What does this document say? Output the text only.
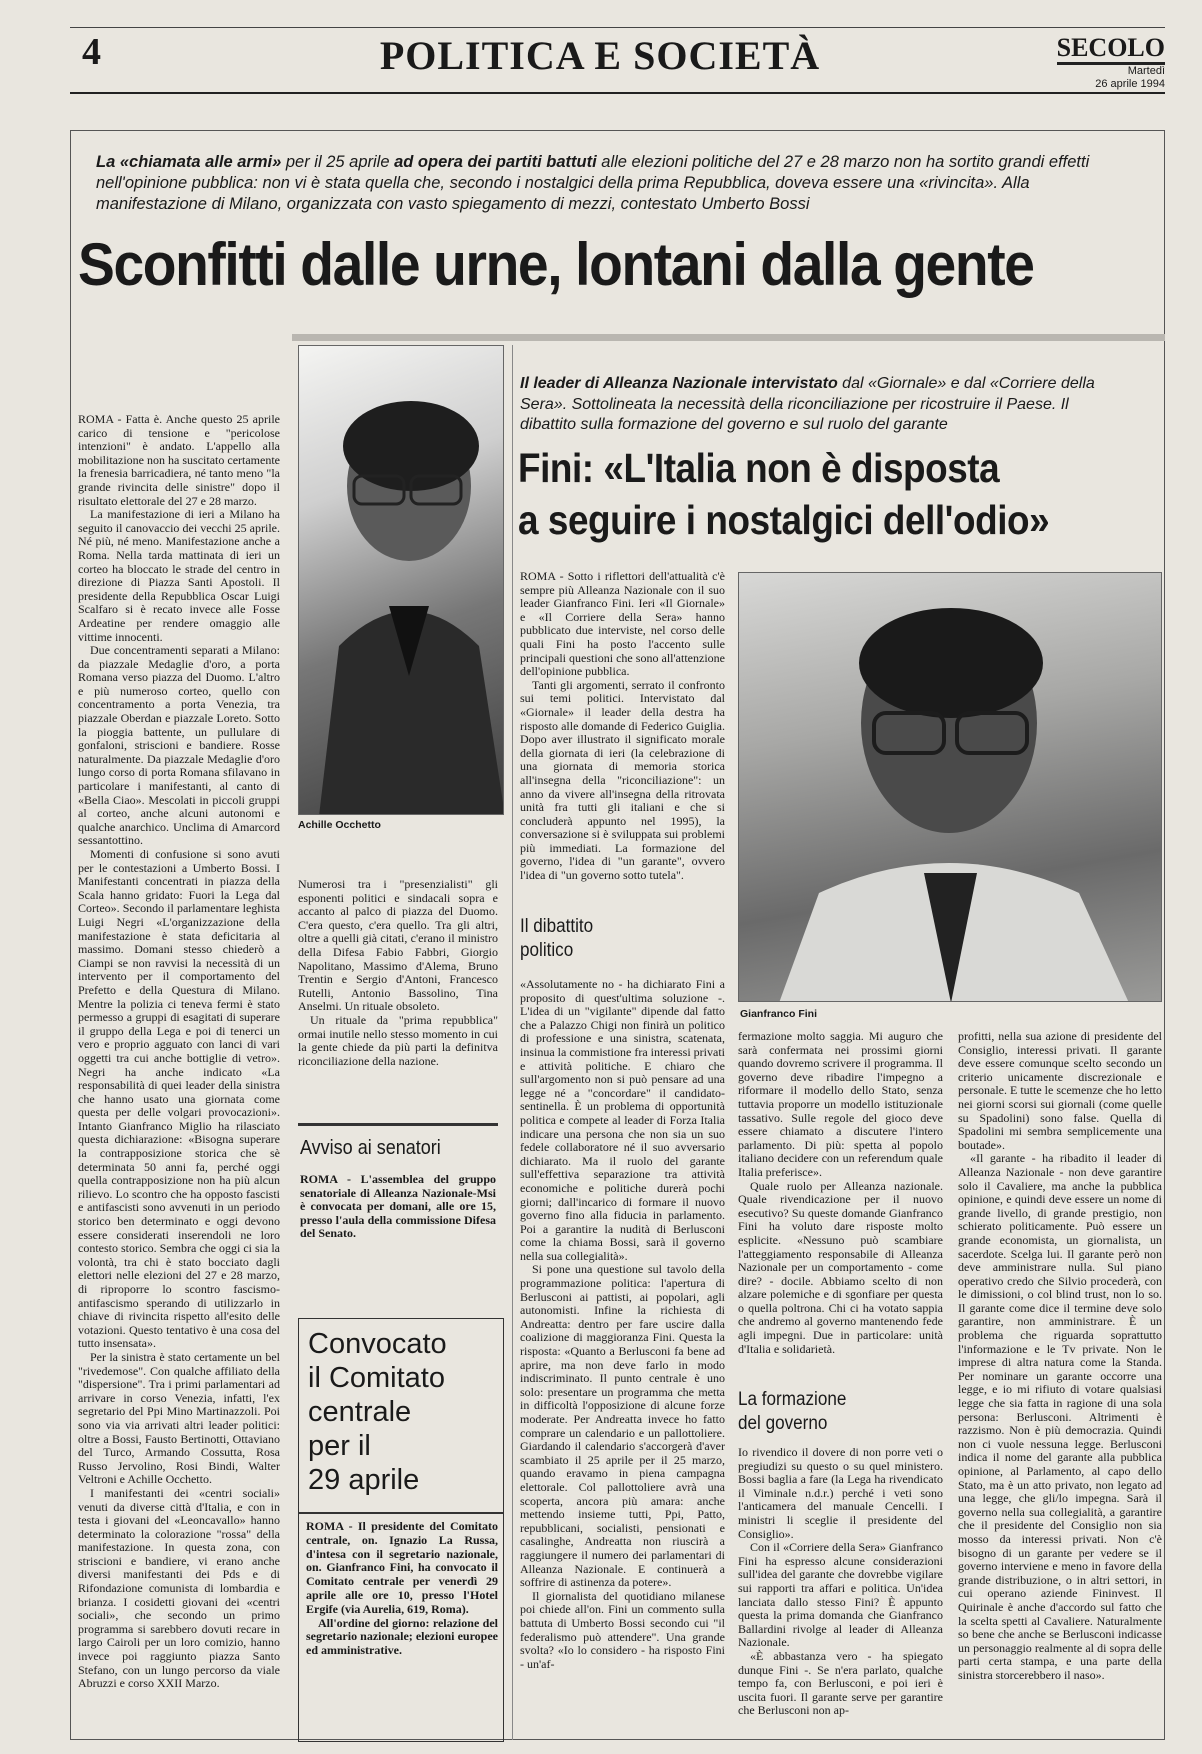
4	POLITICA E SOCIETÀ	SECOLO
Martedì
26 aprile 1994
La «chiamata alle armi» per il 25 aprile ad opera dei partiti battuti alle elezioni politiche del 27 e 28 marzo non ha sortito grandi effetti nell'opinione pubblica: non vi è stata quella che, secondo i nostalgici della prima Repubblica, doveva essere una «rivincita». Alla manifestazione di Milano, organizzata con vasto spiegamento di mezzi, contestato Umberto Bossi
Sconfitti dalle urne, lontani dalla gente

ROMA - Fatta è. Anche questo 25 aprile carico di tensione e "pericolose intenzioni" è andato. L'appello alla mobilitazione non ha suscitato certamente la frenesia barricadiera, né tanto meno "la grande rivincita delle sinistre" dopo il risultato elettorale del 27 e 28 marzo.

La manifestazione di ieri a Milano ha seguito il canovaccio dei vecchi 25 aprile. Né più, né meno. Manifestazione anche a Roma. Nella tarda mattinata di ieri un corteo ha bloccato le strade del centro in direzione di Piazza Santi Apostoli. Il presidente della Repubblica Oscar Luigi Scalfaro si è recato invece alle Fosse Ardeatine per rendere omaggio alle vittime innocenti.

Due concentramenti separati a Milano: da piazzale Medaglie d'oro, a porta Romana verso piazza del Duomo. L'altro e più numeroso corteo, quello con concentramento a porta Venezia, tra piazzale Oberdan e piazzale Loreto. Sotto la pioggia battente, un pullulare di gonfaloni, striscioni e bandiere. Rosse naturalmente. Da piazzale Medaglie d'oro lungo corso di porta Romana sfilavano in particolare i manifestanti, al canto di «Bella Ciao». Mescolati in piccoli gruppi al corteo, anche alcuni autonomi e qualche anarchico. Unclima di Amarcord sessantottino.

Momenti di confusione si sono avuti per le contestazioni a Umberto Bossi. I Manifestanti concentrati in piazza della Scala hanno gridato: Fuori la Lega dal Corteo». Secondo il parlamentare leghista Luigi Negri «L'organizzazione della manifestazione è stata deficitaria al massimo. Domani stesso chiederò a Ciampi se non ravvisi la necessità di un intervento per il comportamento del Prefetto e della Questura di Milano. Mentre la polizia ci teneva fermi è stato permesso a gruppi di esagitati di superare il gruppo della Lega e poi di tenerci un vero e proprio agguato con lanci di vari oggetti tra cui anche bottiglie di vetro». Negri ha anche indicato «La responsabilità di quei leader della sinistra che hanno usato una giornata come questa per delle volgari provocazioni». Intanto Gianfranco Miglio ha rilasciato questa dichiarazione: «Bisogna superare la contrapposizione storica che sè determinata 50 anni fa, perché oggi quella contrapposizione non ha più alcun rilievo. Lo scontro che ha opposto fascisti e antifascisti sono avvenuti in un periodo storico ben determinato e oggi devono essere considerati inserendoli ne loro contesto storico. Sembra che oggi ci sia la volontà, tra chi è stato bocciato dagli elettori nelle elezioni del 27 e 28 marzo, di riproporre lo scontro fascismo-antifascismo sperando di utilizzarlo in chiave di rivincita rispetto all'esito delle votazioni. Questo tentativo è una cosa del tutto insensata».

Per la sinistra è stato certamente un bel "rivedemose". Con qualche affiliato della "dispersione". Tra i primi parlamentari ad arrivare in corso Venezia, infatti, l'ex segretario del Ppi Mino Martinazzoli. Poi sono via via arrivati altri leader politici: oltre a Bossi, Fausto Bertinotti, Ottaviano del Turco, Armando Cossutta, Rosa Russo Jervolino, Rosi Bindi, Walter Veltroni e Achille Occhetto.

I manifestanti dei «centri sociali» venuti da diverse città d'Italia, e con in testa i giovani del «Leoncavallo» hanno determinato la colorazione "rossa" della manifestazione. In questa zona, con striscioni e bandiere, vi erano anche diversi manifestanti dei Pds e di Rifondazione comunista di lombardia e brianza. I cosidetti giovani dei «centri sociali», che secondo un primo programma si sarebbero dovuti recare in largo Cairoli per un loro comizio, hanno invece poi raggiunto piazza Santo Stefano, con un lungo percorso da viale Abruzzi e corso XXII Marzo.

Achille Occhetto

Numerosi tra i "presenzialisti" gli esponenti politici e sindacali sopra e accanto al palco di piazza del Duomo. C'era questo, c'era quello. Tra gli altri, oltre a quelli già citati, c'erano il ministro della Difesa Fabio Fabbri, Giorgio Napolitano, Massimo d'Alema, Bruno Trentin e Sergio d'Antoni, Francesco Rutelli, Antonio Bassolino, Tina Anselmi. Un rituale obsoleto.

Un rituale da "prima repubblica" ormai inutile nello stesso momento in cui la gente chiede da più parti la definitva riconciliazione della nazione.

Avviso ai senatori

ROMA - L'assemblea del gruppo senatoriale di Alleanza Nazionale-Msi è convocata per domani, alle ore 15, presso l'aula della commissione Difesa del Senato.

Convocato
il Comitato
centrale
per il
29 aprile

ROMA - Il presidente del Comitato centrale, on. Ignazio La Russa, d'intesa con il segretario nazionale, on. Gianfranco Fini, ha convocato il Comitato centrale per venerdì 29 aprile alle ore 10, presso l'Hotel Ergife (via Aurelia, 619, Roma).

All'ordine del giorno: relazione del segretario nazionale; elezioni europee ed amministrative.

Il leader di Alleanza Nazionale intervistato dal «Giornale» e dal «Corriere della Sera». Sottolineata la necessità della riconciliazione per ricostruire il Paese. Il dibattito sulla formazione del governo e sul ruolo del garante
Fini: «L'Italia non è disposta
a seguire i nostalgici dell'odio»

ROMA - Sotto i riflettori dell'attualità c'è sempre più Alleanza Nazionale con il suo leader Gianfranco Fini. Ieri «Il Giornale» e «Il Corriere della Sera» hanno pubblicato due interviste, nel corso delle quali Fini ha posto l'accento sulle principali questioni che sono all'attenzione dell'opinione pubblica.

Tanti gli argomenti, serrato il confronto sui temi politici. Intervistato dal «Giornale» il leader della destra ha risposto alle domande di Federico Guiglia. Dopo aver illustrato il significato morale della giornata di ieri (la celebrazione di una giornata di memoria storica all'insegna della "riconciliazione": un anno da vivere all'insegna della ritrovata unità fra tutti gli italiani e che si concluderà appunto nel 1995), la conversazione si è sviluppata sui problemi più immediati. La formazione del governo, l'idea di "un garante", ovvero l'idea di "un governo sotto tutela".

Il dibattito
politico

«Assolutamente no - ha dichiarato Fini a proposito di quest'ultima soluzione -. L'idea di un "vigilante" dipende dal fatto che a Palazzo Chigi non finirà un politico di professione e una sinistra, scatenata, insinua la commistione fra interessi privati e attività politiche. E chiaro che sull'argomento non si può pensare ad una legge né a "concordare" il candidato-sentinella. È un problema di opportunità politica e compete al leader di Forza Italia indicare una persona che non sia un suo fedele collaboratore né il suo avversario dichiarato. Ma il ruolo del garante sull'effettiva separazione tra attività economiche e politiche durerà pochi giorni; dall'incarico di formare il nuovo governo fino alla fiducia in parlamento. Poi a garantire la nudità di Berlusconi come la chiama Bossi, sarà il governo nella sua collegialità».

Si pone una questione sul tavolo della programmazione politica: l'apertura di Berlusconi ai pattisti, ai popolari, agli autonomisti. Infine la richiesta di Andreatta: dentro per fare uscire dalla coalizione di maggioranza Fini. Questa la risposta: «Quanto a Berlusconi fa bene ad aprire, ma non deve farlo in modo indiscriminato. Il punto centrale è uno solo: presentare un programma che metta in difficoltà l'opposizione di alcune forze moderate. Per Andreatta invece ho fatto comprare un calendario e un pallottoliere. Giardando il calendario s'accorgerà d'aver scambiato il 25 aprile per il 25 marzo, quando eravamo in piena campagna elettorale. Col pallottoliere avrà una scoperta, ancora più amara: anche mettendo insieme tutti, Ppi, Patto, repubblicani, socialisti, pensionati e casalinghe, Andreatta non riuscirà a raggiungere il numero dei parlamentari di Alleanza Nazionale. E continuerà a soffrire di astinenza da potere».

Il giornalista del quotidiano milanese poi chiede all'on. Fini un commento sulla battuta di Umberto Bossi secondo cui "il federalismo può attendere". Una grande svolta? «Io lo considero - ha risposto Fini - un'af-

Gianfranco Fini

fermazione molto saggia. Mi auguro che sarà confermata nei prossimi giorni quando dovremo scrivere il programma. Il governo deve ribadire l'impegno a riformare il modello dello Stato, senza tuttavia proporre un modello istituzionale tassativo. Sulle regole del gioco deve essere chiamato a discutere l'intero parlamento. Di più: spetta al popolo italiano decidere con un referendum quale Italia preferisce».

Quale ruolo per Alleanza nazionale. Quale rivendicazione per il nuovo esecutivo? Su queste domande Gianfranco Fini ha voluto dare risposte molto esplicite. «Nessuno può scambiare l'atteggiamento responsabile di Alleanza Nazionale per un comportamento - come dire? - docile. Abbiamo scelto di non alzare polemiche e di sgonfiare per questa o quella poltrona. Chi ci ha votato sappia che andremo al governo mantenendo fede agli impegni. Due in particolare: unità d'Italia e solidarietà.

La formazione
del governo

Io rivendico il dovere di non porre veti o pregiudizi su questo o su quel ministero. Bossi baglia a fare (la Lega ha rivendicato il Viminale n.d.r.) perché i veti sono l'anticamera del manuale Cencelli. I ministri li sceglie il presidente del Consiglio».

Con il «Corriere della Sera» Gianfranco Fini ha espresso alcune considerazioni sull'idea del garante che dovrebbe vigilare sui rapporti tra affari e politica. Un'idea lanciata dallo stesso Fini? È appunto questa la prima domanda che Gianfranco Ballardini rivolge al leader di Alleanza Nazionale.

«È abbastanza vero - ha spiegato dunque Fini -. Se n'era parlato, qualche tempo fa, con Berlusconi, e poi ieri è uscita fuori. Il garante serve per garantire che Berlusconi non ap-

profitti, nella sua azione di presidente del Consiglio, interessi privati. Il garante deve essere comunque scelto secondo un criterio unicamente discrezionale e personale. E tutte le scemenze che ho letto nei giorni scorsi sui giornali (come quelle su Spadolini) sono false. Quella di Spadolini mi sembra semplicemente una boutade».

«Il garante - ha ribadito il leader di Alleanza Nazionale - non deve garantire solo il Cavaliere, ma anche la pubblica opinione, e quindi deve essere un nome di grande livello, di grande prestigio, non schierato politicamente. Può essere un grande economista, un giornalista, un sacerdote. Scelga lui. Il garante però non deve amministrare nulla. Sul piano operativo credo che Silvio procederà, con le dimissioni, o col blind trust, non lo so. Il garante come dice il termine deve solo garantire, non amministrare. È un problema che riguarda soprattutto l'informazione e le Tv private. Non le imprese di altra natura come la Standa. Per nominare un garante occorre una legge, e io mi rifiuto di votare qualsiasi legge che sia fatta in ragione di una sola persona: Berlusconi. Altrimenti è razzismo. Non è più democrazia. Quindi non ci vuole nessuna legge. Berlusconi indica il nome del garante alla pubblica opinione, al Parlamento, al capo dello Stato, ma è un atto privato, non legato ad una legge, che gli/lo impegna. Sarà il governo nella sua collegialità, a garantire che il presidente del Consiglio non sia mosso da interessi privati. Non c'è bisogno di un garante per vedere se il governo interviene e meno in favore della grande distribuzione, o in altri settori, in cui operano aziende Fininvest. Il Quirinale è anche d'accordo sul fatto che la scelta spetti al Cavaliere. Naturalmente so bene che anche se Berlusconi indicasse un personaggio realmente al di sopra delle parti certa stampa, e una parte della sinistra storcerebbero il naso».
